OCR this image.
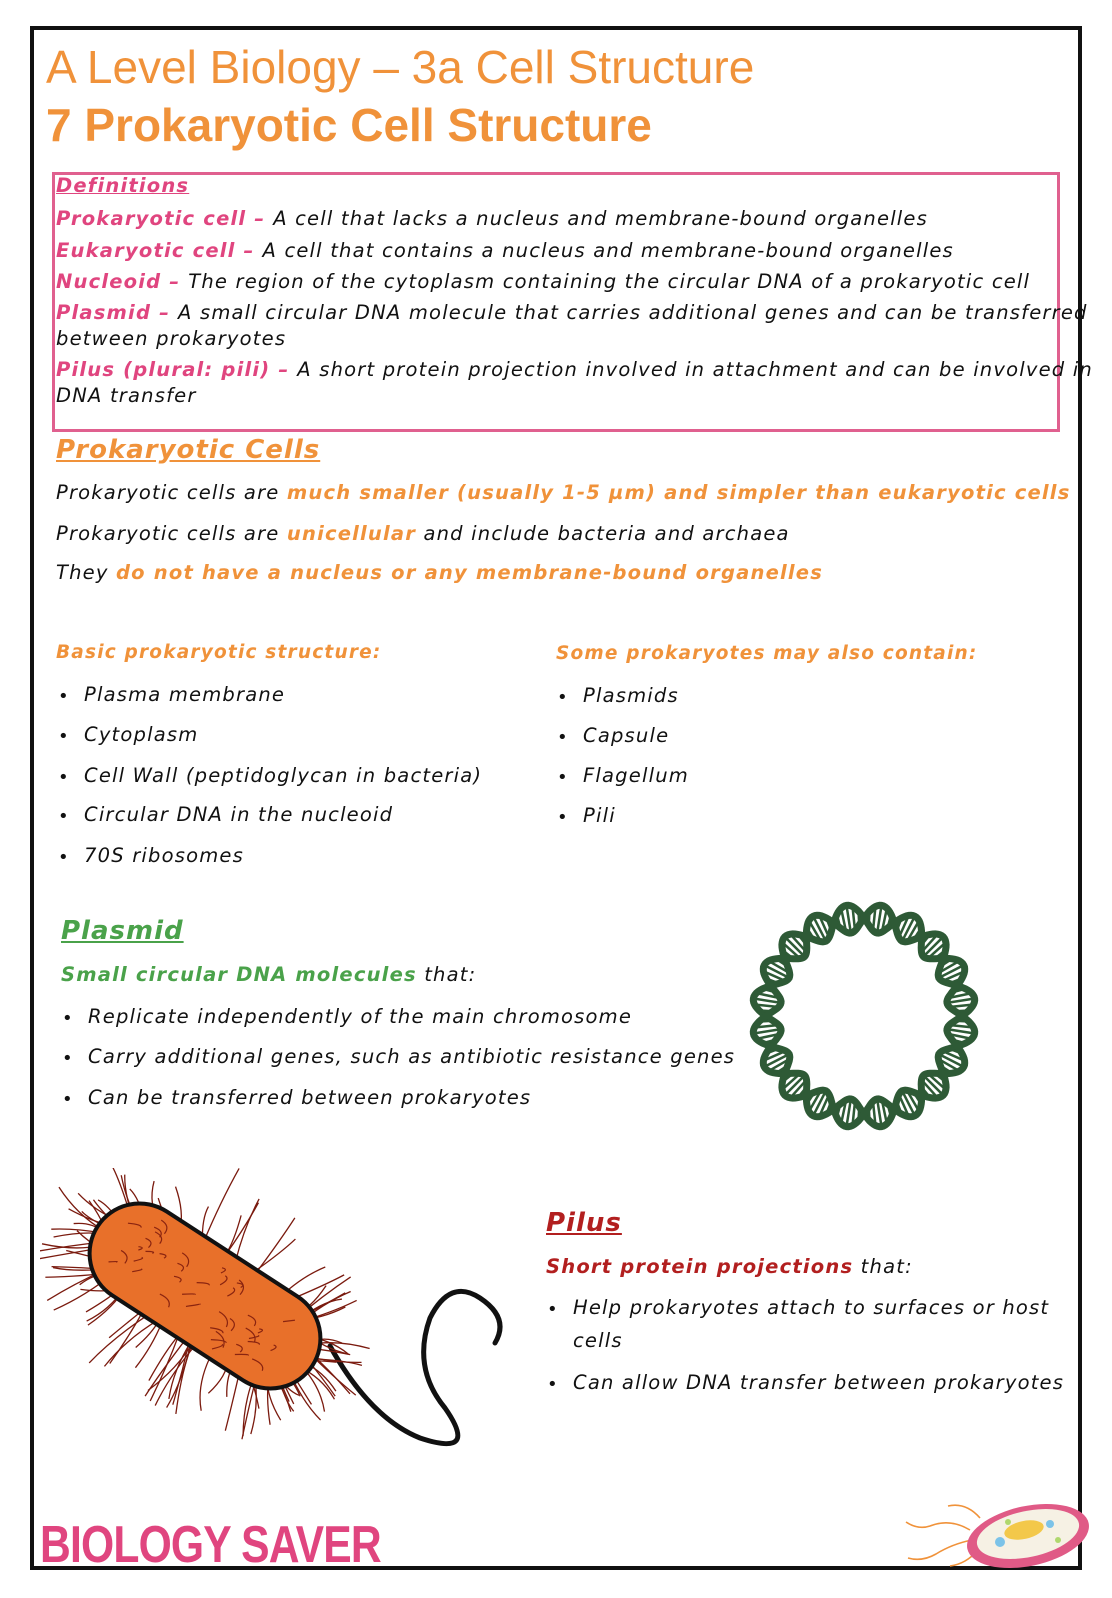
A Level Biology – 3a Cell Structure
7 Prokaryotic Cell Structure
Definitions
Prokaryotic cell – A cell that lacks a nucleus and membrane-bound organelles
Eukaryotic cell – A cell that contains a nucleus and membrane-bound organelles
Nucleoid – The region of the cytoplasm containing the circular DNA of a prokaryotic cell
Plasmid – A small circular DNA molecule that carries additional genes and can be transferred
between prokaryotes
Pilus (plural: pili) – A short protein projection involved in attachment and can be involved in
DNA transfer
Prokaryotic Cells
Prokaryotic cells are much smaller (usually 1-5 µm) and simpler than eukaryotic cells
Prokaryotic cells are unicellular and include bacteria and archaea
They do not have a nucleus or any membrane-bound organelles
Basic prokaryotic structure:
• Plasma membrane
• Cytoplasm
• Cell Wall (peptidoglycan in bacteria)
• Circular DNA in the nucleoid
• 70S ribosomes
Some prokaryotes may also contain:
• Plasmids
• Capsule
• Flagellum
• Pili
Plasmid
Small circular DNA molecules that:
• Replicate independently of the main chromosome
• Carry additional genes, such as antibiotic resistance genes
• Can be transferred between prokaryotes
Pilus
Short protein projections that:
• Help prokaryotes attach to surfaces or host
cells
• Can allow DNA transfer between prokaryotes
BIOLOGY SAVER
